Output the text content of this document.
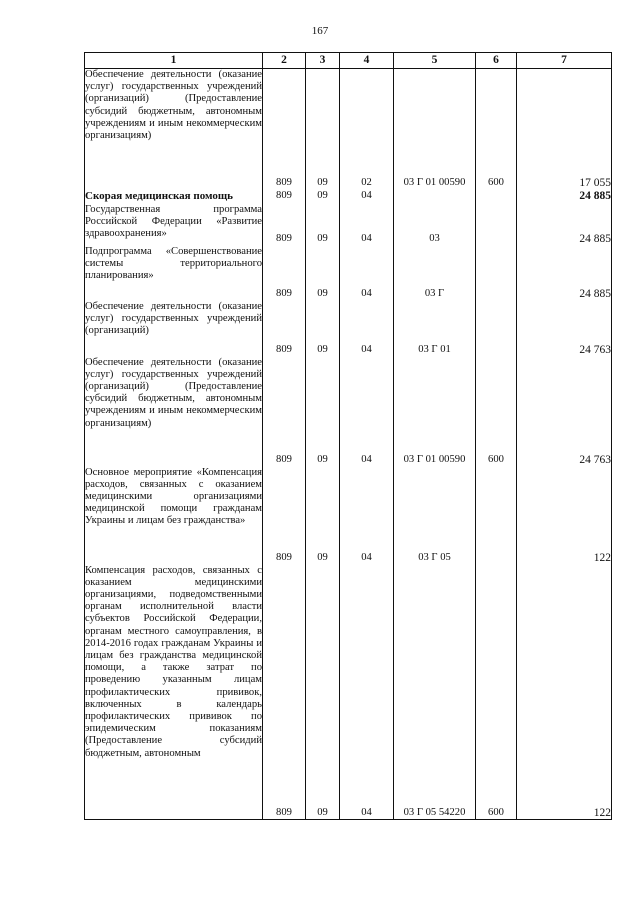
167
1	2	3	4	5	6	7
Обеспечение деятельности (оказание услуг) государственных учреждений (организаций) (Предоставление субсидий бюджетным, автономным учреждениям и иным некоммерческим организациям)	809	09	02	03 Г 01 00590	600	17 055
Скорая медицинская помощь	809	09	04			24 885
Государственная программа Российской Федерации «Развитие здравоохранения»	809	09	04	03		24 885
Подпрограмма «Совершенствование системы территориального планирования»	809	09	04	03 Г		24 885
Обеспечение деятельности (оказание услуг) государственных учреждений (организаций)	809	09	04	03 Г 01		24 763
Обеспечение деятельности (оказание услуг) государственных учреждений (организаций) (Предоставление субсидий бюджетным, автономным учреждениям и иным некоммерческим организациям)	809	09	04	03 Г 01 00590	600	24 763
Основное мероприятие «Компенсация расходов, связанных с оказанием медицинскими организациями медицинской помощи гражданам Украины и лицам без гражданства»	809	09	04	03 Г 05		122
Компенсация расходов, связанных с оказанием медицинскими организациями, подведомственными органам исполнительной власти субъектов Российской Федерации, органам местного самоуправления, в 2014-2016 годах гражданам Украины и лицам без гражданства медицинской помощи, а также затрат по проведению указанным лицам профилактических прививок, включенных в календарь профилактических прививок по эпидемическим показаниям (Предоставление субсидий бюджетным, автономным	809	09	04	03 Г 05 54220	600	122
